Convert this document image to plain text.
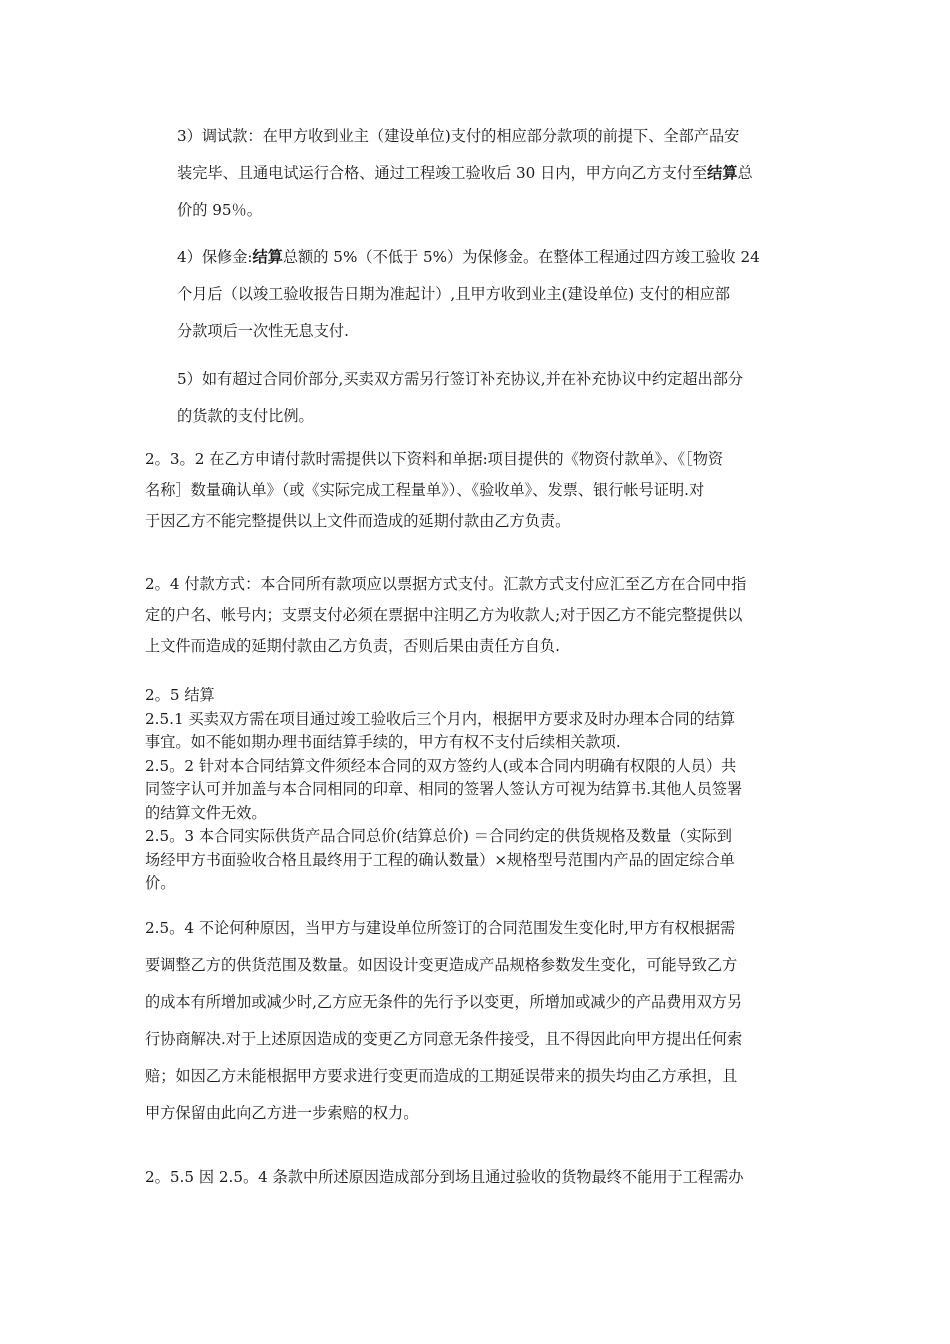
3）调试款：在甲方收到业主（建设单位)支付的相应部分款项的前提下、全部产品安
装完毕、且通电试运行合格、通过工程竣工验收后 30 日内，甲方向乙方支付至结算总
价的 95％。
4）保修金:结算总额的 5%（不低于 5%）为保修金。在整体工程通过四方竣工验收 24
个月后（以竣工验收报告日期为准起计）,且甲方收到业主(建设单位) 支付的相应部
分款项后一次性无息支付.
5）如有超过合同价部分,买卖双方需另行签订补充协议,并在补充协议中约定超出部分
的货款的支付比例。
2。3。2 在乙方申请付款时需提供以下资料和单据:项目提供的《物资付款单》、《［物资
名称］数量确认单》（或《实际完成工程量单》）、《验收单》、发票、银行帐号证明.对
于因乙方不能完整提供以上文件而造成的延期付款由乙方负责。
2。4 付款方式：本合同所有款项应以票据方式支付。汇款方式支付应汇至乙方在合同中指
定的户名、帐号内；支票支付必须在票据中注明乙方为收款人;对于因乙方不能完整提供以
上文件而造成的延期付款由乙方负责，否则后果由责任方自负.
2。5 结算
2.5.1 买卖双方需在项目通过竣工验收后三个月内，根据甲方要求及时办理本合同的结算
事宜。如不能如期办理书面结算手续的，甲方有权不支付后续相关款项.
2.5。2 针对本合同结算文件须经本合同的双方签约人(或本合同内明确有权限的人员）共
同签字认可并加盖与本合同相同的印章、相同的签署人签认方可视为结算书.其他人员签署
的结算文件无效。
2.5。3 本合同实际供货产品合同总价(结算总价) ＝合同约定的供货规格及数量（实际到
场经甲方书面验收合格且最终用于工程的确认数量）×规格型号范围内产品的固定综合单
价。
2.5。4 不论何种原因，当甲方与建设单位所签订的合同范围发生变化时,甲方有权根据需
要调整乙方的供货范围及数量。如因设计变更造成产品规格参数发生变化，可能导致乙方
的成本有所增加或减少时,乙方应无条件的先行予以变更，所增加或减少的产品费用双方另
行协商解决.对于上述原因造成的变更乙方同意无条件接受，且不得因此向甲方提出任何索
赔；如因乙方未能根据甲方要求进行变更而造成的工期延误带来的损失均由乙方承担，且
甲方保留由此向乙方进一步索赔的权力。
2。5.5 因 2.5。4 条款中所述原因造成部分到场且通过验收的货物最终不能用于工程需办
